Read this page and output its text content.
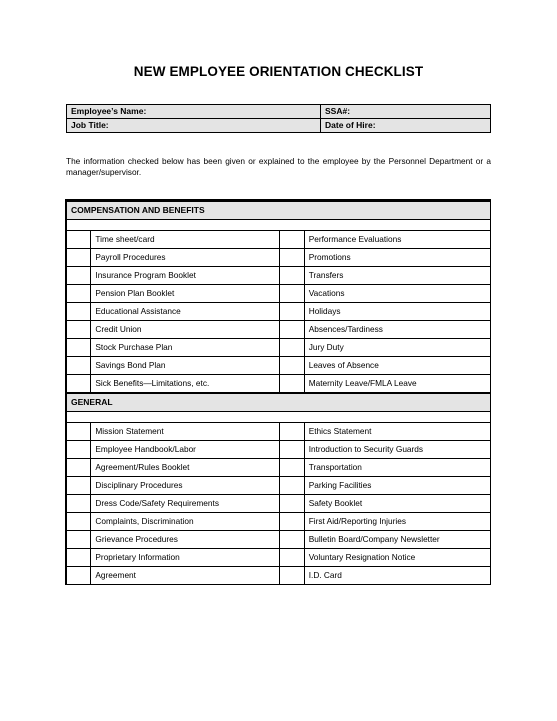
NEW EMPLOYEE ORIENTATION CHECKLIST
Employee’s Name:	SSA#:
Job Title:	Date of Hire:
The information checked below has been given or explained to the employee by the Personnel Department or a manager/supervisor.
COMPENSATION AND BENEFITS			

	Time sheet/card		Performance Evaluations
	Payroll Procedures		Promotions
	Insurance Program Booklet		Transfers
	Pension Plan Booklet		Vacations
	Educational Assistance		Holidays
	Credit Union		Absences/Tardiness
	Stock Purchase Plan		Jury Duty
	Savings Bond Plan		Leaves of Absence
	Sick Benefits—Limitations, etc.		Maternity Leave/FMLA Leave
GENERAL			

	Mission Statement		Ethics Statement
	Employee Handbook/Labor		Introduction to Security Guards
	Agreement/Rules Booklet		Transportation
	Disciplinary Procedures		Parking Facilities
	Dress Code/Safety Requirements		Safety Booklet
	Complaints, Discrimination		First Aid/Reporting Injuries
	Grievance Procedures		Bulletin Board/Company Newsletter
	Proprietary Information		Voluntary Resignation Notice
	Agreement		I.D. Card
